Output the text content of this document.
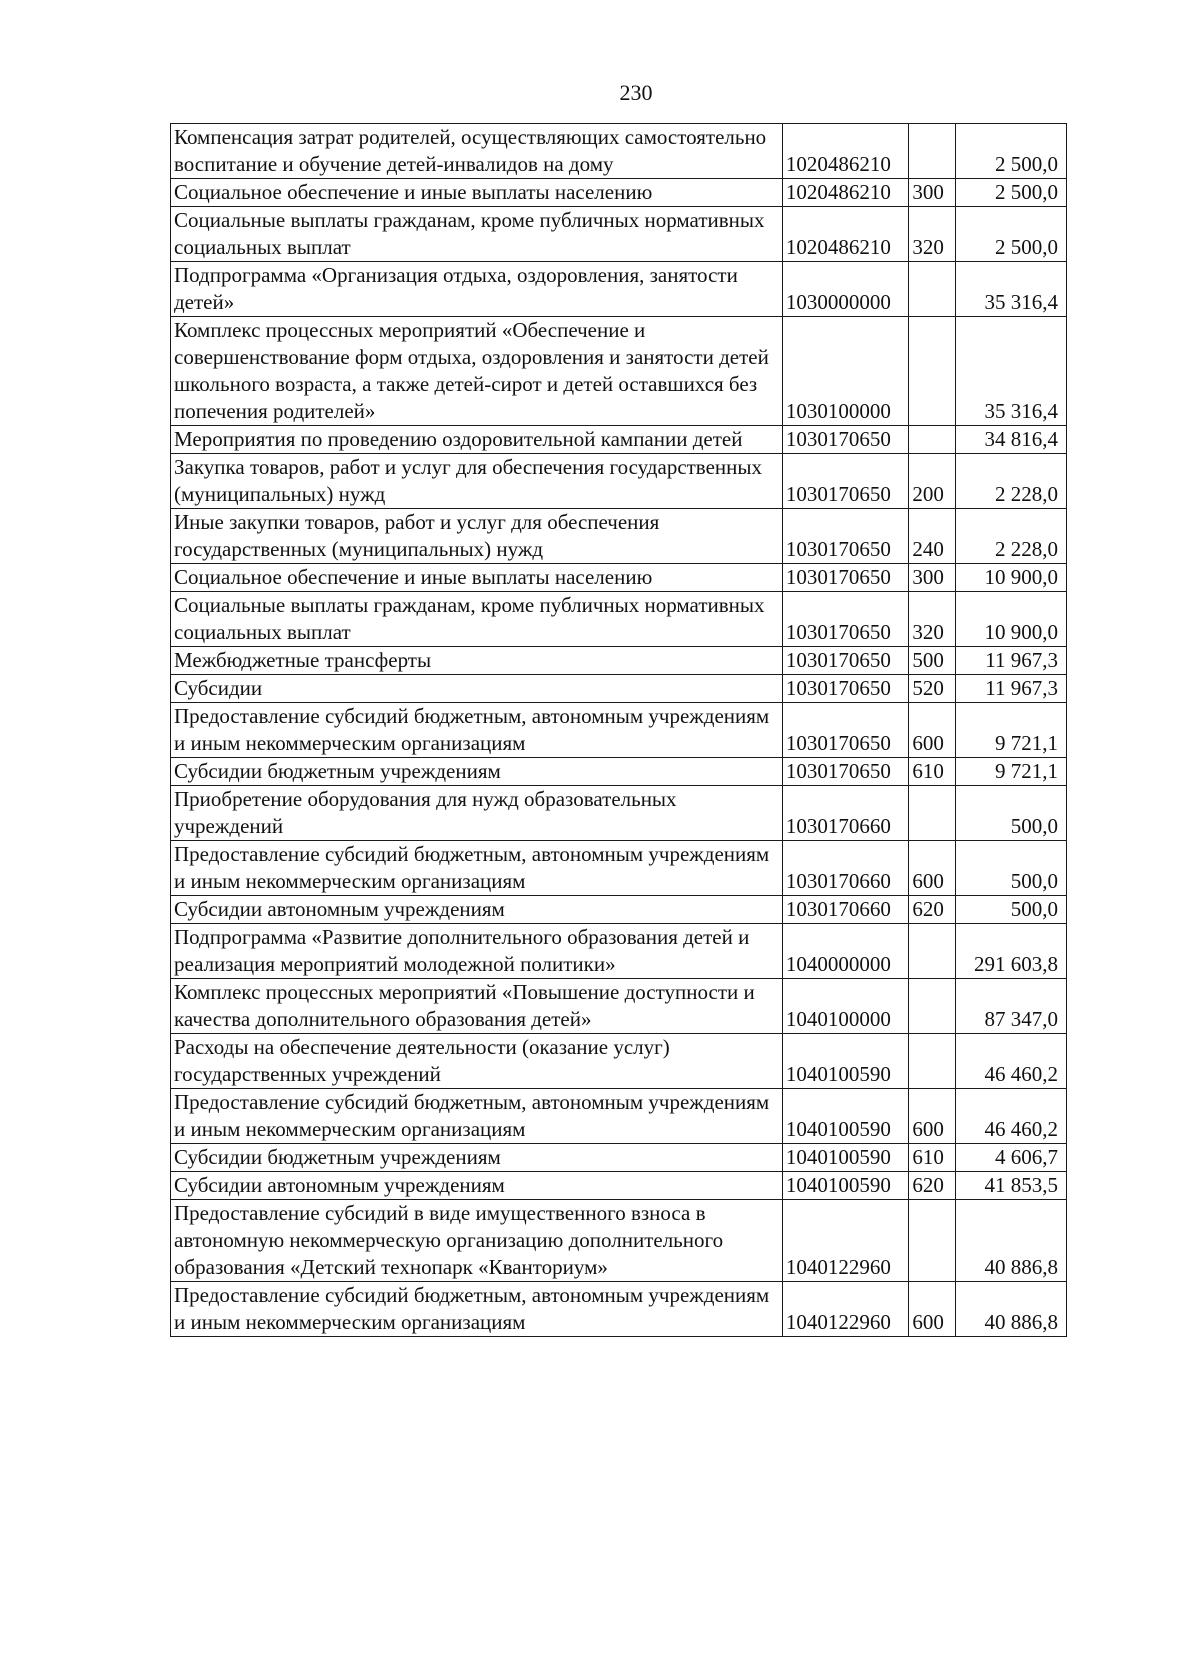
230
Компенсация затрат родителей, осуществляющих самостоятельно воспитание и обучение детей-инвалидов на дому	1020486210		2 500,0
Социальное обеспечение и иные выплаты населению	1020486210	300	2 500,0
Социальные выплаты гражданам, кроме публичных нормативных социальных выплат	1020486210	320	2 500,0
Подпрограмма «Организация отдыха, оздоровления, занятости детей»	1030000000		35 316,4
Комплекс процессных мероприятий «Обеспечение и совершенствование форм отдыха, оздоровления и занятости детей школьного возраста, а также детей-сирот и детей оставшихся без попечения родителей»	1030100000		35 316,4
Мероприятия по проведению оздоровительной кампании детей	1030170650		34 816,4
Закупка товаров, работ и услуг для обеспечения государственных (муниципальных) нужд	1030170650	200	2 228,0
Иные закупки товаров, работ и услуг для обеспечения государственных (муниципальных) нужд	1030170650	240	2 228,0
Социальное обеспечение и иные выплаты населению	1030170650	300	10 900,0
Социальные выплаты гражданам, кроме публичных нормативных социальных выплат	1030170650	320	10 900,0
Межбюджетные трансферты	1030170650	500	11 967,3
Субсидии	1030170650	520	11 967,3
Предоставление субсидий бюджетным, автономным учреждениям и иным некоммерческим организациям	1030170650	600	9 721,1
Субсидии бюджетным учреждениям	1030170650	610	9 721,1
Приобретение оборудования для нужд образовательных учреждений	1030170660		500,0
Предоставление субсидий бюджетным, автономным учреждениям и иным некоммерческим организациям	1030170660	600	500,0
Субсидии автономным учреждениям	1030170660	620	500,0
Подпрограмма «Развитие дополнительного образования детей и реализация мероприятий молодежной политики»	1040000000		291 603,8
Комплекс процессных мероприятий «Повышение доступности и качества дополнительного образования детей»	1040100000		87 347,0
Расходы на обеспечение деятельности (оказание услуг) государственных учреждений	1040100590		46 460,2
Предоставление субсидий бюджетным, автономным учреждениям и иным некоммерческим организациям	1040100590	600	46 460,2
Субсидии бюджетным учреждениям	1040100590	610	4 606,7
Субсидии автономным учреждениям	1040100590	620	41 853,5
Предоставление субсидий в виде имущественного взноса в автономную некоммерческую организацию дополнительного образования «Детский технопарк «Кванториум»	1040122960		40 886,8
Предоставление субсидий бюджетным, автономным учреждениям и иным некоммерческим организациям	1040122960	600	40 886,8
